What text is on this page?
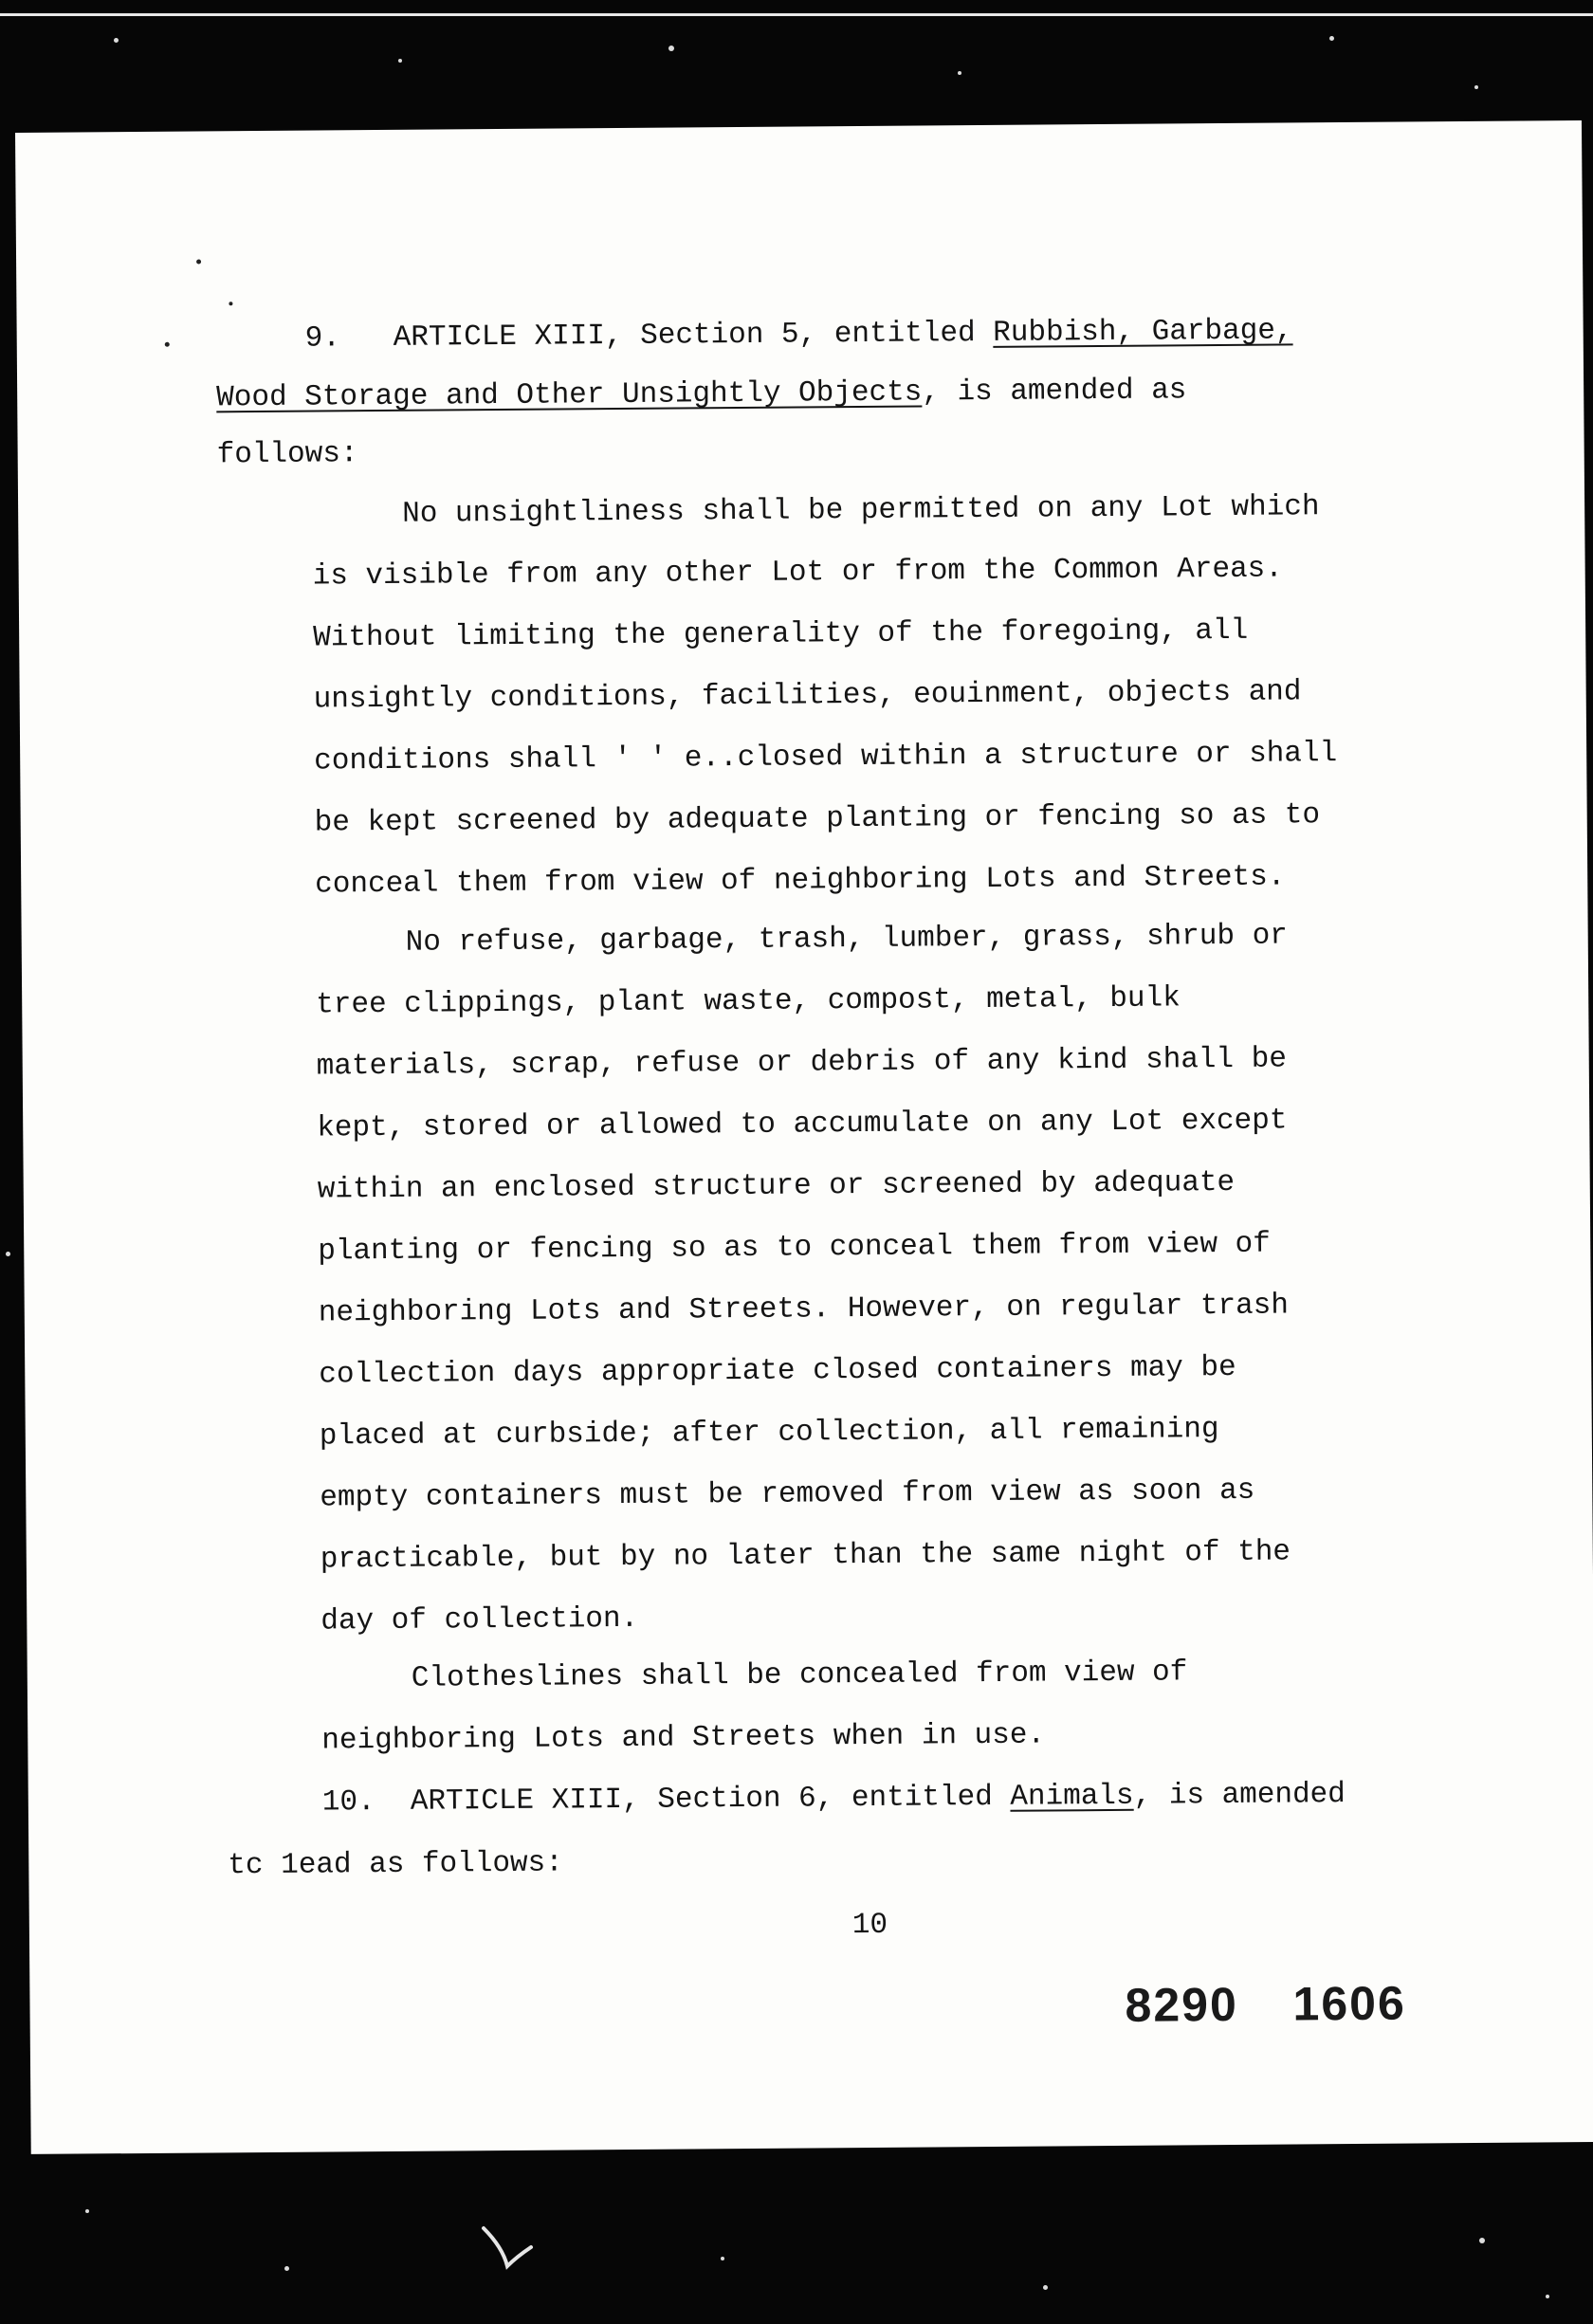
9. ARTICLE XIII, Section 5, entitled Rubbish, Garbage,

Wood Storage and Other Unsightly Objects, is amended as

follows:

No unsightliness shall be permitted on any Lot which

is visible from any other Lot or from the Common Areas.

Without limiting the generality of the foregoing, all

unsightly conditions, facilities, eouinment, objects and

conditions shall ' ' e..closed within a structure or shall

be kept screened by adequate planting or fencing so as to

conceal them from view of neighboring Lots and Streets.

No refuse, garbage, trash, lumber, grass, shrub or

tree clippings, plant waste, compost, metal, bulk

materials, scrap, refuse or debris of any kind shall be

kept, stored or allowed to accumulate on any Lot except

within an enclosed structure or screened by adequate

planting or fencing so as to conceal them from view of

neighboring Lots and Streets. However, on regular trash

collection days appropriate closed containers may be

placed at curbside; after collection, all remaining

empty containers must be removed from view as soon as

practicable, but by no later than the same night of the

day of collection.

Clotheslines shall be concealed from view of

neighboring Lots and Streets when in use.

10. ARTICLE XIII, Section 6, entitled Animals, is amended

tc 1ead as follows:

10
8290 1606
